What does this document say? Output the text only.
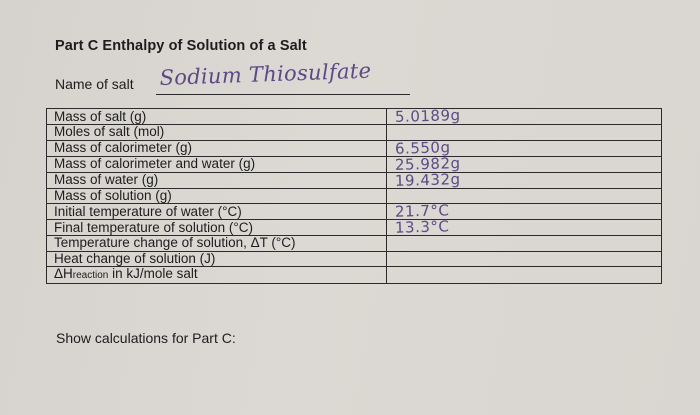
Part C Enthalpy of Solution of a Salt
Name of salt Sodium Thiosulfate
Mass of salt (g)	5.0189g
Moles of salt (mol)	
Mass of calorimeter (g)	6.550g
Mass of calorimeter and water (g)	25.982g
Mass of water (g)	19.432g
Mass of solution (g)	
Initial temperature of water (°C)	21.7°C
Final temperature of solution (°C)	13.3°C
Temperature change of solution, ΔT (°C)	
Heat change of solution (J)	
ΔHreaction in kJ/mole salt	
Show calculations for Part C:
